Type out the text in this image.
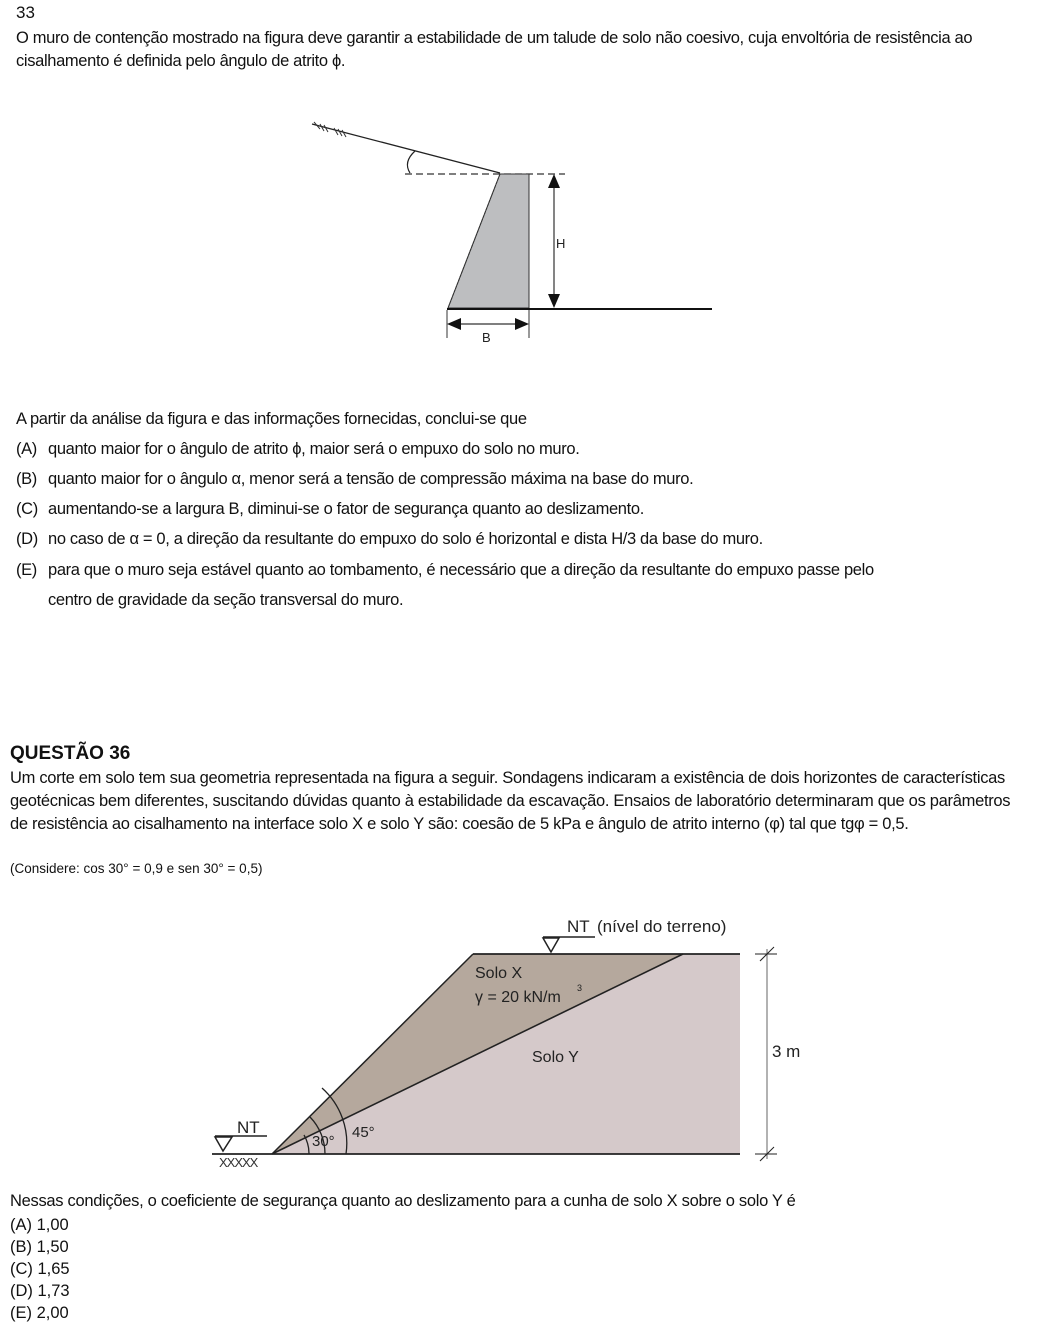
33
O muro de contenção mostrado na figura deve garantir a estabilidade de um talude de solo não coesivo, cuja envoltória de resistência ao cisalhamento é definida pelo ângulo de atrito ϕ.
H
B
A partir da análise da figura e das informações fornecidas, conclui-se que
(A) quanto maior for o ângulo de atrito ϕ, maior será o empuxo do solo no muro.
(B) quanto maior for o ângulo α, menor será a tensão de compressão máxima na base do muro.
(C) aumentando-se a largura B, diminui-se o fator de segurança quanto ao deslizamento.
(D) no caso de α = 0, a direção da resultante do empuxo do solo é horizontal e dista H/3 da base do muro.
(E) para que o muro seja estável quanto ao tombamento, é necessário que a direção da resultante do empuxo passe pelo
centro de gravidade da seção transversal do muro.
QUESTÃO 36
Um corte em solo tem sua geometria representada na figura a seguir. Sondagens indicaram a existência de dois horizontes de características geotécnicas bem diferentes, suscitando dúvidas quanto à estabilidade da escavação. Ensaios de laboratório determinaram que os parâmetros de resistência ao cisalhamento na interface solo X e solo Y são: coesão de 5 kPa e ângulo de atrito interno (φ) tal que tgφ = 0,5.
(Considere: cos 30° = 0,9 e sen 30° = 0,5)
30°
45°
Solo X
γ = 20 kN/m
3
Solo Y
NT (nível do terreno)
NT
XXXXX
3 m
Nessas condições, o coeficiente de segurança quanto ao deslizamento para a cunha de solo X sobre o solo Y é
(A) 1,00
(B) 1,50
(C) 1,65
(D) 1,73
(E) 2,00
